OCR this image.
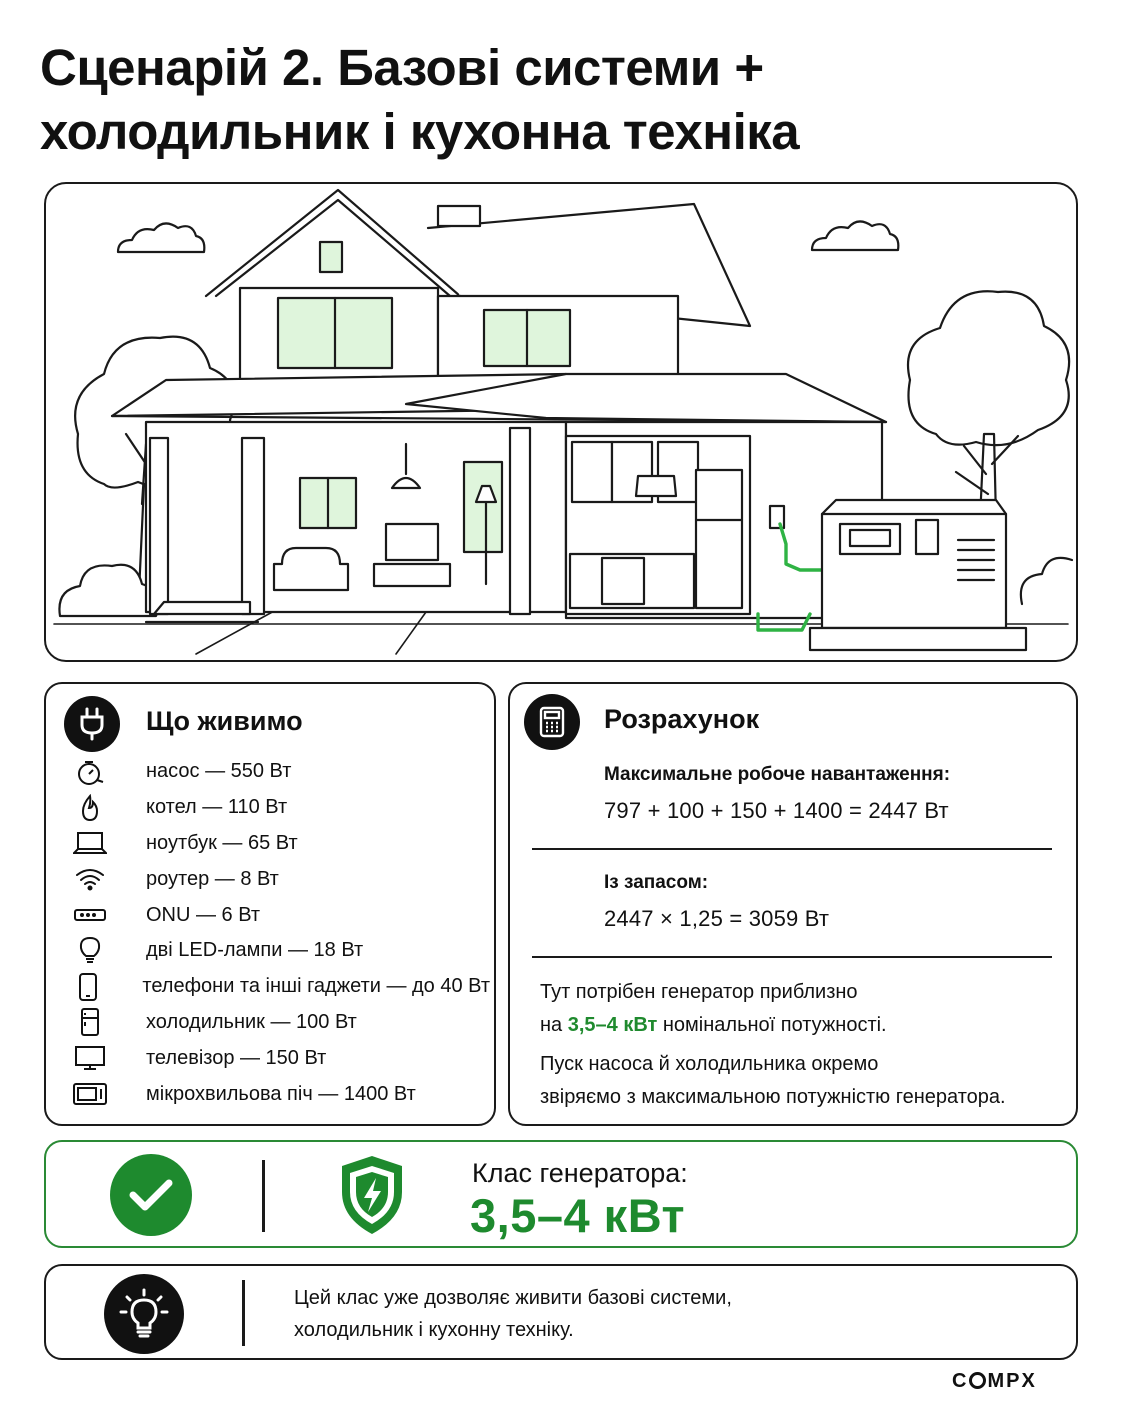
Сценарій 2. Базові системи +
холодильник і кухонна техніка
Що живимо
насос — 550 Вт
котел — 110 Вт
ноутбук — 65 Вт
роутер — 8 Вт
ONU — 6 Вт
дві LED-лампи — 18 Вт
телефони та інші гаджети — до 40 Вт
холодильник — 100 Вт
телевізор — 150 Вт
мікрохвильова піч — 1400 Вт
Розрахунок
Максимальне робоче навантаження:
797 + 100 + 150 + 1400 = 2447 Вт
Із запасом:
2447 × 1,25 = 3059 Вт
Тут потрібен генератор приблизно
на 3,5–4 кВт номінальної потужності.
Пуск насоса й холодильника окремо
звіряємо з максимальною потужністю генератора.
Клас генератора:
3,5–4 кВт
Цей клас уже дозволяє живити базові системи,
холодильник і кухонну техніку.
C MPX
